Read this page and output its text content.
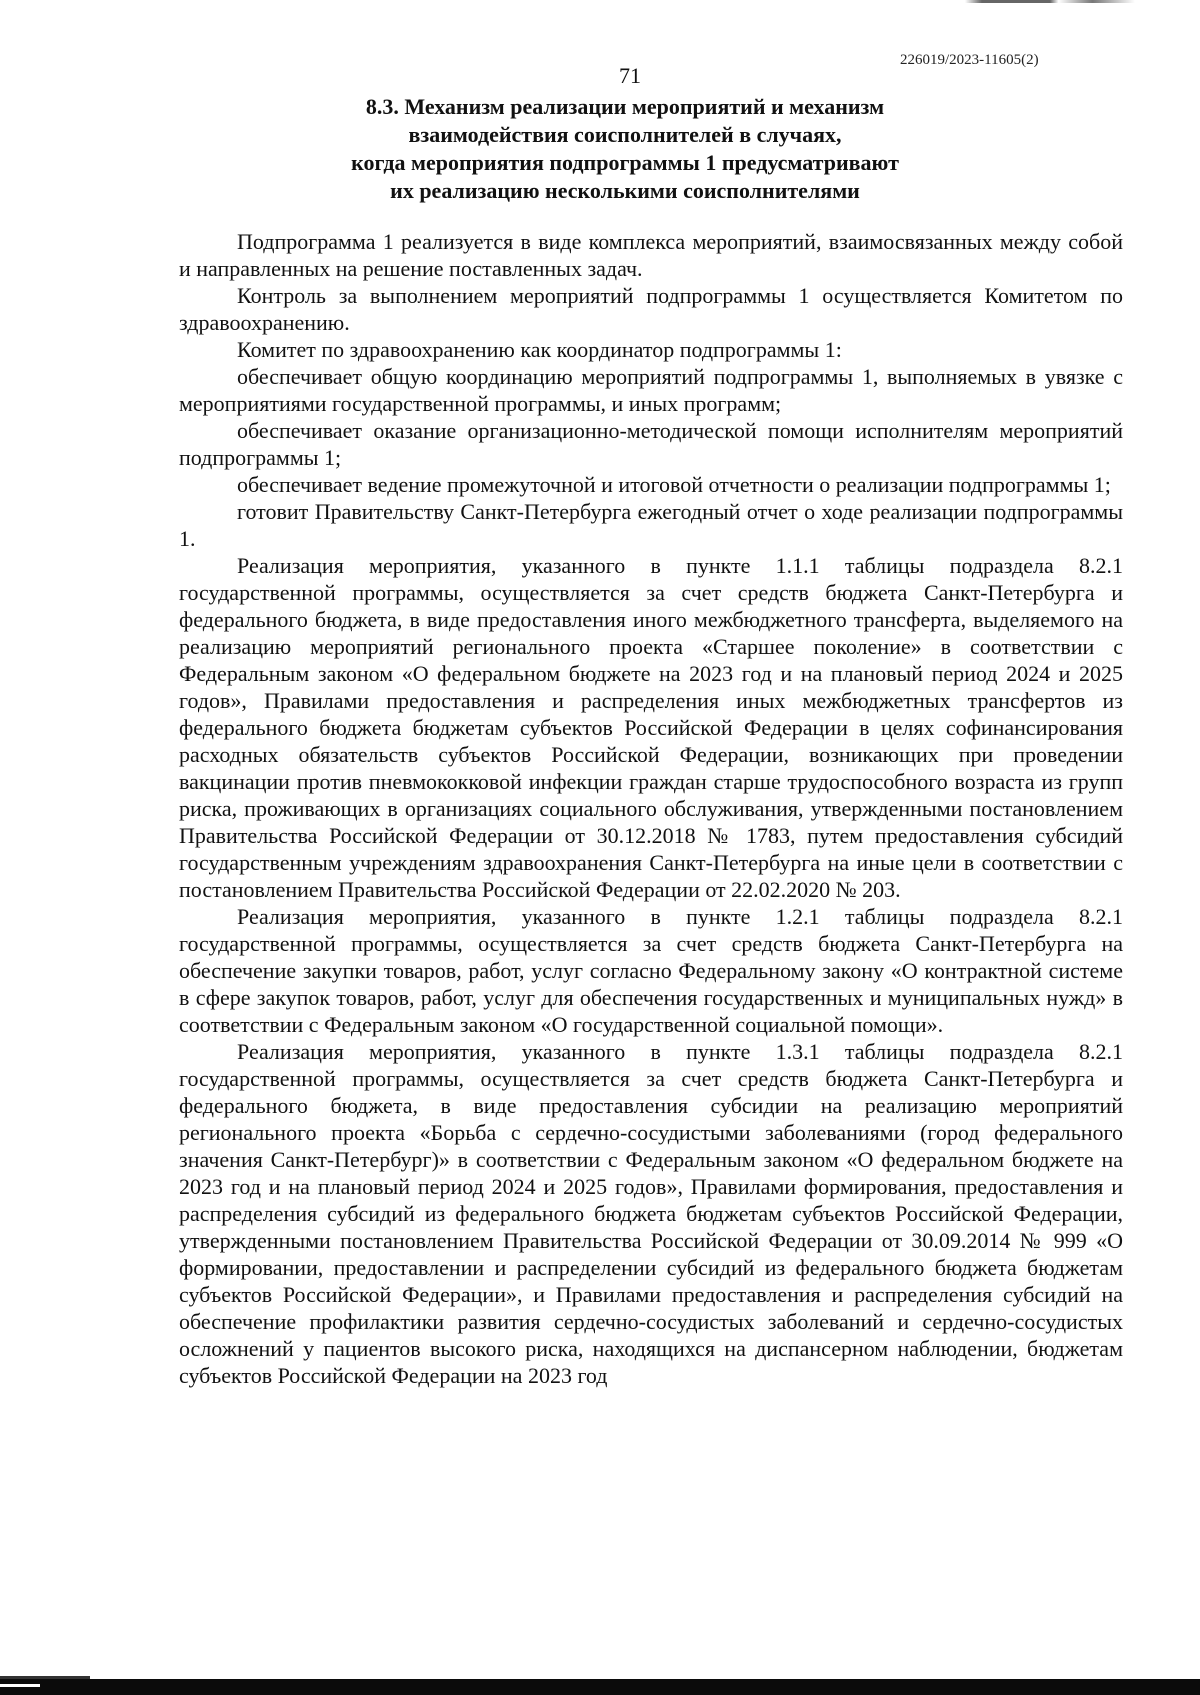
226019/2023-11605(2)
71
8.3. Механизм реализации мероприятий и механизм
взаимодействия соисполнителей в случаях,
когда мероприятия подпрограммы 1 предусматривают
их реализацию несколькими соисполнителями

Подпрограмма 1 реализуется в виде комплекса мероприятий, взаимосвязанных между собой и направленных на решение поставленных задач.

Контроль за выполнением мероприятий подпрограммы 1 осуществляется Комитетом по здравоохранению.

Комитет по здравоохранению как координатор подпрограммы 1:

обеспечивает общую координацию мероприятий подпрограммы 1, выполняемых в увязке с мероприятиями государственной программы, и иных программ;

обеспечивает оказание организационно-методической помощи исполнителям мероприятий подпрограммы 1;

обеспечивает ведение промежуточной и итоговой отчетности о реализации подпрограммы 1;

готовит Правительству Санкт-Петербурга ежегодный отчет о ходе реализации подпрограммы 1.

Реализация мероприятия, указанного в пункте 1.1.1 таблицы подраздела 8.2.1 государственной программы, осуществляется за счет средств бюджета Санкт-Петербурга и федерального бюджета, в виде предоставления иного межбюджетного трансферта, выделяемого на реализацию мероприятий регионального проекта «Старшее поколение» в соответствии с Федеральным законом «О федеральном бюджете на 2023 год и на плановый период 2024 и 2025 годов», Правилами предоставления и распределения иных межбюджетных трансфертов из федерального бюджета бюджетам субъектов Российской Федерации в целях софинансирования расходных обязательств субъектов Российской Федерации, возникающих при проведении вакцинации против пневмококковой инфекции граждан старше трудоспособного возраста из групп риска, проживающих в организациях социального обслуживания, утвержденными постановлением Правительства Российской Федерации от 30.12.2018 № 1783, путем предоставления субсидий государственным учреждениям здравоохранения Санкт-Петербурга на иные цели в соответствии с постановлением Правительства Российской Федерации от 22.02.2020 № 203.

Реализация мероприятия, указанного в пункте 1.2.1 таблицы подраздела 8.2.1 государственной программы, осуществляется за счет средств бюджета Санкт-Петербурга на обеспечение закупки товаров, работ, услуг согласно Федеральному закону «О контрактной системе в сфере закупок товаров, работ, услуг для обеспечения государственных и муниципальных нужд» в соответствии с Федеральным законом «О государственной социальной помощи».

Реализация мероприятия, указанного в пункте 1.3.1 таблицы подраздела 8.2.1 государственной программы, осуществляется за счет средств бюджета Санкт-Петербурга и федерального бюджета, в виде предоставления субсидии на реализацию мероприятий регионального проекта «Борьба с сердечно-сосудистыми заболеваниями (город федерального значения Санкт-Петербург)» в соответствии с Федеральным законом «О федеральном бюджете на 2023 год и на плановый период 2024 и 2025 годов», Правилами формирования, предоставления и распределения субсидий из федерального бюджета бюджетам субъектов Российской Федерации, утвержденными постановлением Правительства Российской Федерации от 30.09.2014 № 999 «О формировании, предоставлении и распределении субсидий из федерального бюджета бюджетам субъектов Российской Федерации», и Правилами предоставления и распределения субсидий на обеспечение профилактики развития сердечно-сосудистых заболеваний и сердечно-сосудистых осложнений у пациентов высокого риска, находящихся на диспансерном наблюдении, бюджетам субъектов Российской Федерации на 2023 год
